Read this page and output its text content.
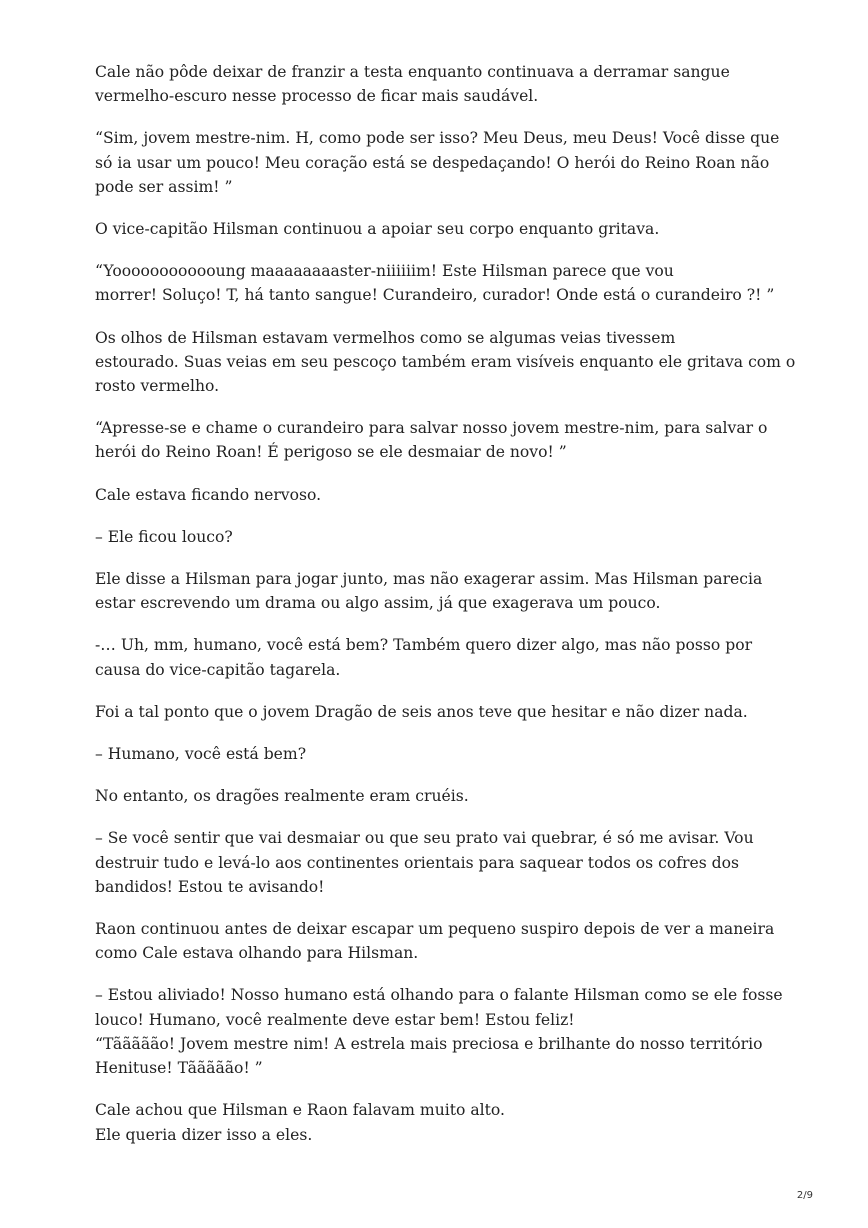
Cale não pôde deixar de franzir a testa enquanto continuava a derramar sangue
vermelho-escuro nesse processo de ficar mais saudável.

“Sim, jovem mestre-nim. H, como pode ser isso? Meu Deus, meu Deus! Você disse que
só ia usar um pouco! Meu coração está se despedaçando! O herói do Reino Roan não
pode ser assim! ”

O vice-capitão Hilsman continuou a apoiar seu corpo enquanto gritava.

“Yoooooooooooung maaaaaaaaster-niiiiiim! Este Hilsman parece que vou
morrer! Soluço! T, há tanto sangue! Curandeiro, curador! Onde está o curandeiro ?! ”

Os olhos de Hilsman estavam vermelhos como se algumas veias tivessem
estourado. Suas veias em seu pescoço também eram visíveis enquanto ele gritava com o
rosto vermelho.

“Apresse-se e chame o curandeiro para salvar nosso jovem mestre-nim, para salvar o
herói do Reino Roan! É perigoso se ele desmaiar de novo! ”

Cale estava ficando nervoso.

– Ele ficou louco?

Ele disse a Hilsman para jogar junto, mas não exagerar assim. Mas Hilsman parecia
estar escrevendo um drama ou algo assim, já que exagerava um pouco.

-… Uh, mm, humano, você está bem? Também quero dizer algo, mas não posso por
causa do vice-capitão tagarela.

Foi a tal ponto que o jovem Dragão de seis anos teve que hesitar e não dizer nada.

– Humano, você está bem?

No entanto, os dragões realmente eram cruéis.

– Se você sentir que vai desmaiar ou que seu prato vai quebrar, é só me avisar. Vou
destruir tudo e levá-lo aos continentes orientais para saquear todos os cofres dos
bandidos! Estou te avisando!

Raon continuou antes de deixar escapar um pequeno suspiro depois de ver a maneira
como Cale estava olhando para Hilsman.

– Estou aliviado! Nosso humano está olhando para o falante Hilsman como se ele fosse
louco! Humano, você realmente deve estar bem! Estou feliz!
“Tããããão! Jovem mestre nim! A estrela mais preciosa e brilhante do nosso território
Henituse! Tããããão! ”

Cale achou que Hilsman e Raon falavam muito alto.
Ele queria dizer isso a eles.

2/9
